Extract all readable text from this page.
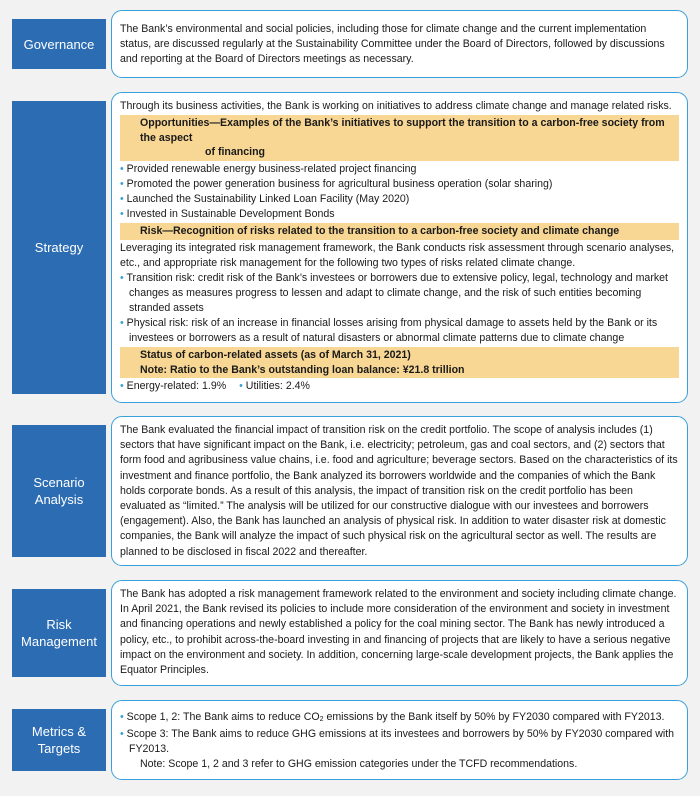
Governance
The Bank’s environmental and social policies, including those for climate change and the current implementation status, are discussed regularly at the Sustainability Committee under the Board of Directors, followed by discussions and reporting at the Board of Directors meetings as necessary.
Strategy
Through its business activities, the Bank is working on initiatives to address climate change and manage related risks.
Opportunities—Examples of the Bank’s initiatives to support the transition to a carbon-free society from the aspect
of financing
• Provided renewable energy business-related project financing
• Promoted the power generation business for agricultural business operation (solar sharing)
• Launched the Sustainability Linked Loan Facility (May 2020)
• Invested in Sustainable Development Bonds
Risk—Recognition of risks related to the transition to a carbon-free society and climate change
Leveraging its integrated risk management framework, the Bank conducts risk assessment through scenario analyses, etc., and appropriate risk management for the following two types of risks related climate change.
• Transition risk: credit risk of the Bank’s investees or borrowers due to extensive policy, legal, technology and market changes as measures progress to lessen and adapt to climate change, and the risk of such entities becoming stranded assets
• Physical risk: risk of an increase in financial losses arising from physical damage to assets held by the Bank or its investees or borrowers as a result of natural disasters or abnormal climate patterns due to climate change
Status of carbon-related assets (as of March 31, 2021)
Note: Ratio to the Bank’s outstanding loan balance: ¥21.8 trillion
• Energy-related: 1.9% • Utilities: 2.4%
Scenario
Analysis
The Bank evaluated the financial impact of transition risk on the credit portfolio. The scope of analysis includes (1) sectors that have significant impact on the Bank, i.e. electricity; petroleum, gas and coal sectors, and (2) sectors that form food and agribusiness value chains, i.e. food and agriculture; beverage sectors. Based on the characteristics of its investment and finance portfolio, the Bank analyzed its borrowers worldwide and the companies of which the Bank holds corporate bonds. As a result of this analysis, the impact of transition risk on the credit portfolio has been evaluated as “limited.” The analysis will be utilized for our constructive dialogue with our investees and borrowers (engagement). Also, the Bank has launched an analysis of physical risk. In addition to water disaster risk at domestic companies, the Bank will analyze the impact of such physical risk on the agricultural sector as well. The results are planned to be disclosed in fiscal 2022 and thereafter.
Risk
Management
The Bank has adopted a risk management framework related to the environment and society including climate change. In April 2021, the Bank revised its policies to include more consideration of the environment and society in investment and financing operations and newly established a policy for the coal mining sector. The Bank has newly introduced a policy, etc., to prohibit across-the-board investing in and financing of projects that are likely to have a serious negative impact on the environment and society. In addition, concerning large-scale development projects, the Bank applies the Equator Principles.
Metrics &
Targets
• Scope 1, 2: The Bank aims to reduce $CO_2$ emissions by the Bank itself by 50% by FY2030 compared with FY2013.
• Scope 3: The Bank aims to reduce GHG emissions at its investees and borrowers by 50% by FY2030 compared with FY2013.
Note: Scope 1, 2 and 3 refer to GHG emission categories under the TCFD recommendations.
